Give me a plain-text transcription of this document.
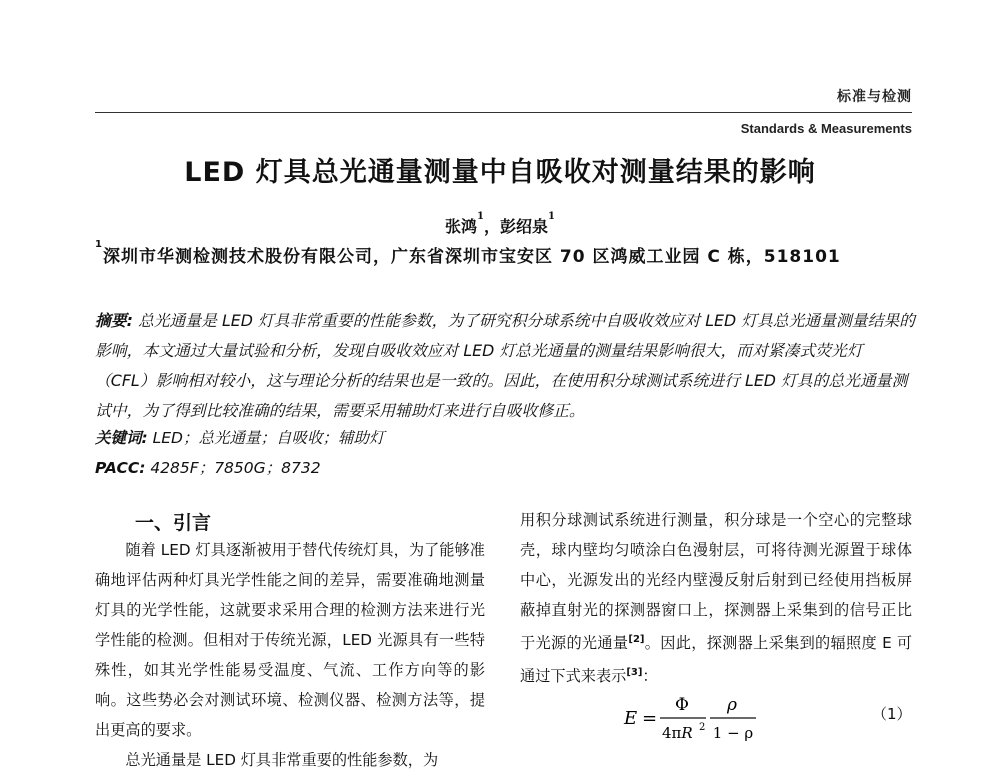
标准与检测
Standards & Measurements
LED 灯具总光通量测量中自吸收对测量结果的影响
张鸿$^1$，彭绍泉$^1$
$^1$深圳市华测检测技术股份有限公司，广东省深圳市宝安区 70 区鸿威工业园 C 栋，518101
摘要: 总光通量是 LED 灯具非常重要的性能参数，为了研究积分球系统中自吸收效应对 LED 灯具总光通量测量结果的影响，本文通过大量试验和分析，发现自吸收效应对 LED 灯总光通量的测量结果影响很大，而对紧凑式荧光灯（CFL）影响相对较小，这与理论分析的结果也是一致的。因此，在使用积分球测试系统进行 LED 灯具的总光通量测试中，为了得到比较准确的结果，需要采用辅助灯来进行自吸收修正。
关键词: LED；总光通量；自吸收；辅助灯
PACC: 4285F；7850G；8732
一、引言

随着 LED 灯具逐渐被用于替代传统灯具，为了能够准确地评估两种灯具光学性能之间的差异，需要准确地测量灯具的光学性能，这就要求采用合理的检测方法来进行光学性能的检测。但相对于传统光源，LED 光源具有一些特殊性，如其光学性能易受温度、气流、工作方向等的影响。这些势必会对测试环境、检测仪器、检测方法等，提出更高的要求。

总光通量是 LED 灯具非常重要的性能参数，为

用积分球测试系统进行测量，积分球是一个空心的完整球壳，球内壁均匀喷涂白色漫射层，可将待测光源置于球体中心，光源发出的光经内壁漫反射后射到已经使用挡板屏蔽掉直射光的探测器窗口上，探测器上采集到的信号正比于光源的光通量[2]。因此，探测器上采集到的辐照度 E 可通过下式来表示[3]：

E =
Φ
4πR 2
ρ
1 − ρ
（1）
